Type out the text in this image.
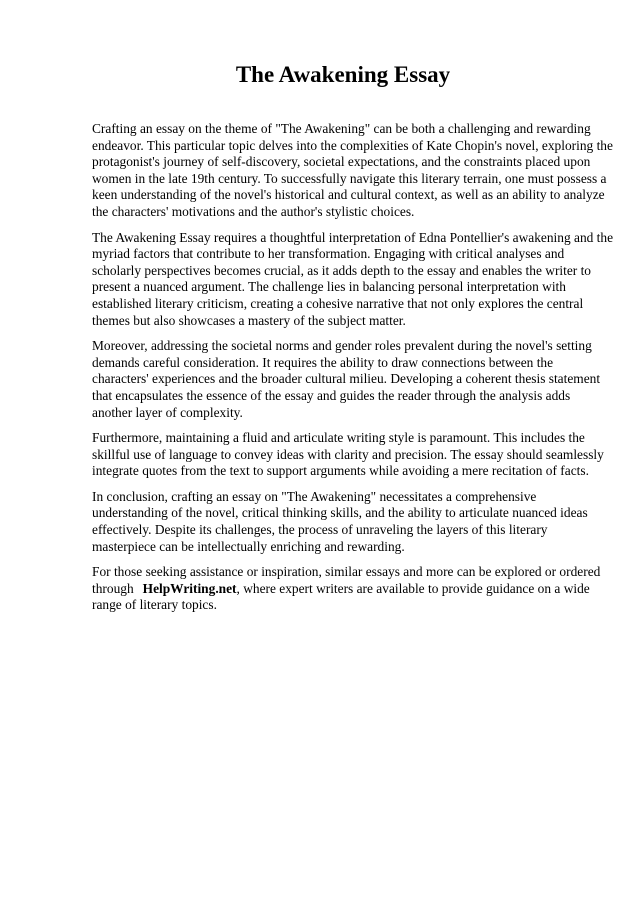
The Awakening Essay

Crafting an essay on the theme of "The Awakening" can be both a challenging and rewarding
endeavor. This particular topic delves into the complexities of Kate Chopin's novel, exploring the
protagonist's journey of self-discovery, societal expectations, and the constraints placed upon
women in the late 19th century. To successfully navigate this literary terrain, one must possess a
keen understanding of the novel's historical and cultural context, as well as an ability to analyze
the characters' motivations and the author's stylistic choices.

The Awakening Essay requires a thoughtful interpretation of Edna Pontellier's awakening and the
myriad factors that contribute to her transformation. Engaging with critical analyses and
scholarly perspectives becomes crucial, as it adds depth to the essay and enables the writer to
present a nuanced argument. The challenge lies in balancing personal interpretation with
established literary criticism, creating a cohesive narrative that not only explores the central
themes but also showcases a mastery of the subject matter.

Moreover, addressing the societal norms and gender roles prevalent during the novel's setting
demands careful consideration. It requires the ability to draw connections between the
characters' experiences and the broader cultural milieu. Developing a coherent thesis statement
that encapsulates the essence of the essay and guides the reader through the analysis adds
another layer of complexity.

Furthermore, maintaining a fluid and articulate writing style is paramount. This includes the
skillful use of language to convey ideas with clarity and precision. The essay should seamlessly
integrate quotes from the text to support arguments while avoiding a mere recitation of facts.

In conclusion, crafting an essay on "The Awakening" necessitates a comprehensive
understanding of the novel, critical thinking skills, and the ability to articulate nuanced ideas
effectively. Despite its challenges, the process of unraveling the layers of this literary
masterpiece can be intellectually enriching and rewarding.

For those seeking assistance or inspiration, similar essays and more can be explored or ordered
through HelpWriting.net, where expert writers are available to provide guidance on a wide
range of literary topics.
